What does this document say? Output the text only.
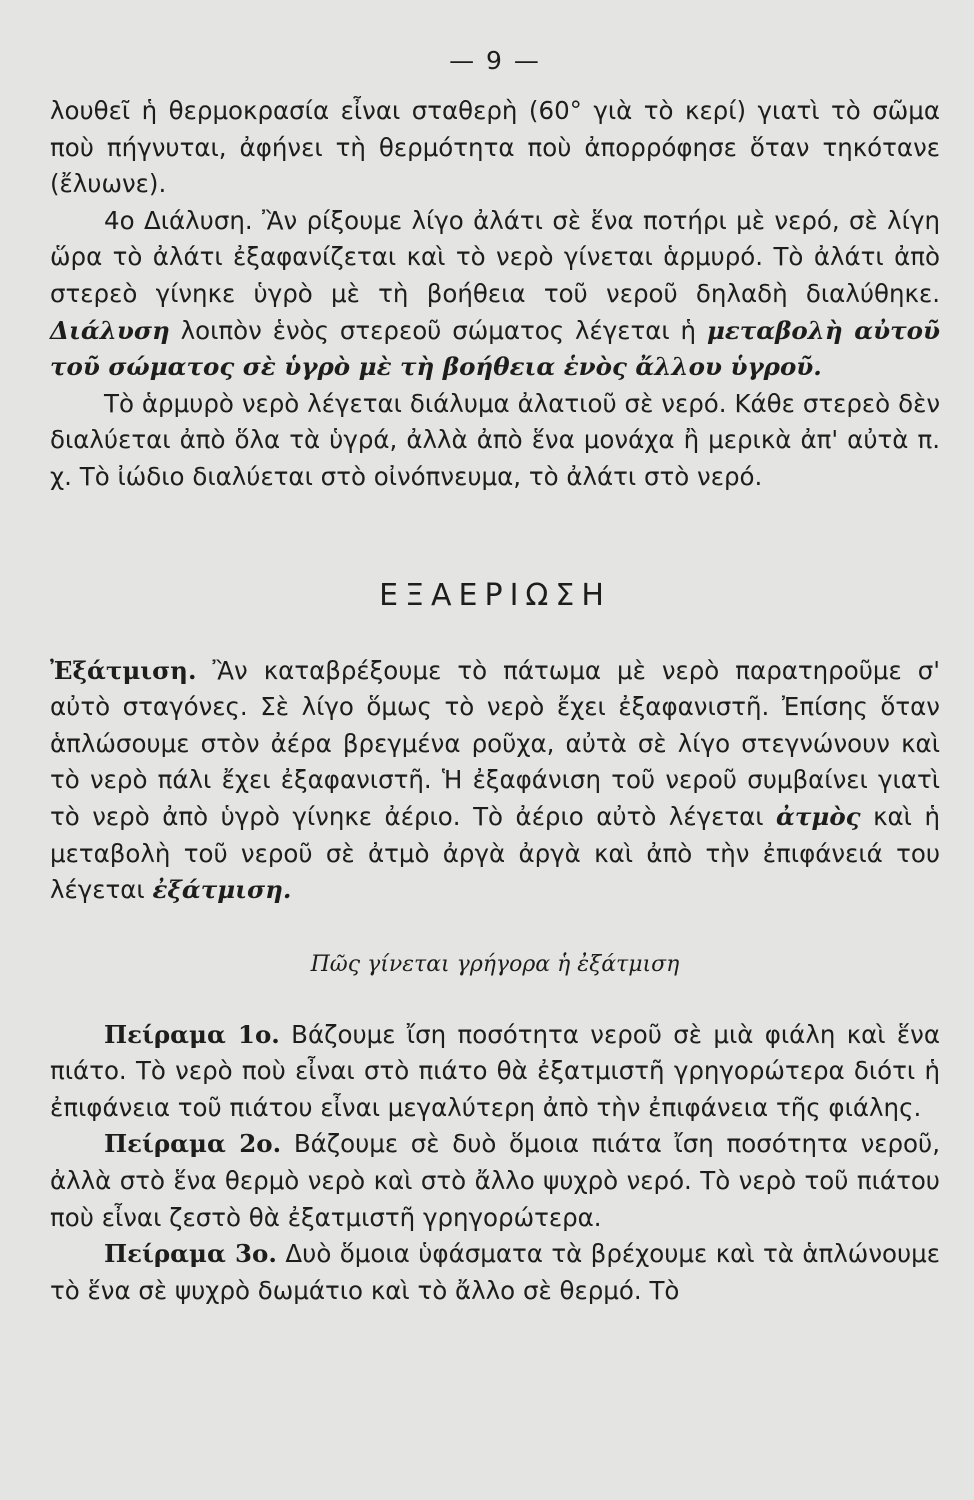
— 9 —

λουθεῖ ἡ θερμοκρασία εἶναι σταθερὴ (60° γιὰ τὸ κερί) γιατὶ τὸ σῶμα ποὺ πήγνυται, ἀφήνει τὴ θερμότητα ποὺ ἀπορρόφησε ὅταν τηκότανε (ἔλυωνε).

4ο Διάλυση. Ἂν ρίξουμε λίγο ἀλάτι σὲ ἕνα ποτήρι μὲ νερό, σὲ λίγη ὥρα τὸ ἀλάτι ἐξαφανίζεται καὶ τὸ νερὸ γίνεται ἁρμυρό. Τὸ ἀλάτι ἀπὸ στερεὸ γίνηκε ὑγρὸ μὲ τὴ βοήθεια τοῦ νεροῦ δηλαδὴ διαλύθηκε. Διάλυση λοιπὸν ἑνὸς στερεοῦ σώματος λέγεται ἡ μεταβολὴ αὐτοῦ τοῦ σώματος σὲ ὑγρὸ μὲ τὴ βοήθεια ἑνὸς ἄλλου ὑγροῦ.

Τὸ ἁρμυρὸ νερὸ λέγεται διάλυμα ἀλατιοῦ σὲ νερό. Κάθε στερεὸ δὲν διαλύεται ἀπὸ ὅλα τὰ ὑγρά, ἀλλὰ ἀπὸ ἕνα μονάχα ἢ μερικὰ ἀπ' αὐτὰ π. χ. Τὸ ἰώδιο διαλύεται στὸ οἰνόπνευμα, τὸ ἀλάτι στὸ νερό.

ΕΞΑΕΡΙΩΣΗ

Ἐξάτμιση. Ἂν καταβρέξουμε τὸ πάτωμα μὲ νερὸ παρατηροῦμε σ' αὐτὸ σταγόνες. Σὲ λίγο ὅμως τὸ νερὸ ἔχει ἐξαφανιστῆ. Ἐπίσης ὅταν ἁπλώσουμε στὸν ἀέρα βρεγμένα ροῦχα, αὐτὰ σὲ λίγο στεγνώνουν καὶ τὸ νερὸ πάλι ἔχει ἐξαφανιστῆ. Ἡ ἐξαφάνιση τοῦ νεροῦ συμβαίνει γιατὶ τὸ νερὸ ἀπὸ ὑγρὸ γίνηκε ἀέριο. Τὸ ἀέριο αὐτὸ λέγεται ἀτμὸς καὶ ἡ μεταβολὴ τοῦ νεροῦ σὲ ἀτμὸ ἀργὰ ἀργὰ καὶ ἀπὸ τὴν ἐπιφάνειά του λέγεται ἐξάτμιση.

Πῶς γίνεται γρήγορα ἡ ἐξάτμιση

Πείραμα 1ο. Βάζουμε ἴση ποσότητα νεροῦ σὲ μιὰ φιάλη καὶ ἕνα πιάτο. Τὸ νερὸ ποὺ εἶναι στὸ πιάτο θὰ ἐξατμιστῆ γρηγορώτερα διότι ἡ ἐπιφάνεια τοῦ πιάτου εἶναι μεγαλύτερη ἀπὸ τὴν ἐπιφάνεια τῆς φιάλης.

Πείραμα 2ο. Βάζουμε σὲ δυὸ ὅμοια πιάτα ἴση ποσότητα νεροῦ, ἀλλὰ στὸ ἕνα θερμὸ νερὸ καὶ στὸ ἄλλο ψυχρὸ νερό. Τὸ νερὸ τοῦ πιάτου ποὺ εἶναι ζεστὸ θὰ ἐξατμιστῆ γρηγορώτερα.

Πείραμα 3ο. Δυὸ ὅμοια ὑφάσματα τὰ βρέχουμε καὶ τὰ ἁπλώνουμε τὸ ἕνα σὲ ψυχρὸ δωμάτιο καὶ τὸ ἄλλο σὲ θερμό. Τὸ
